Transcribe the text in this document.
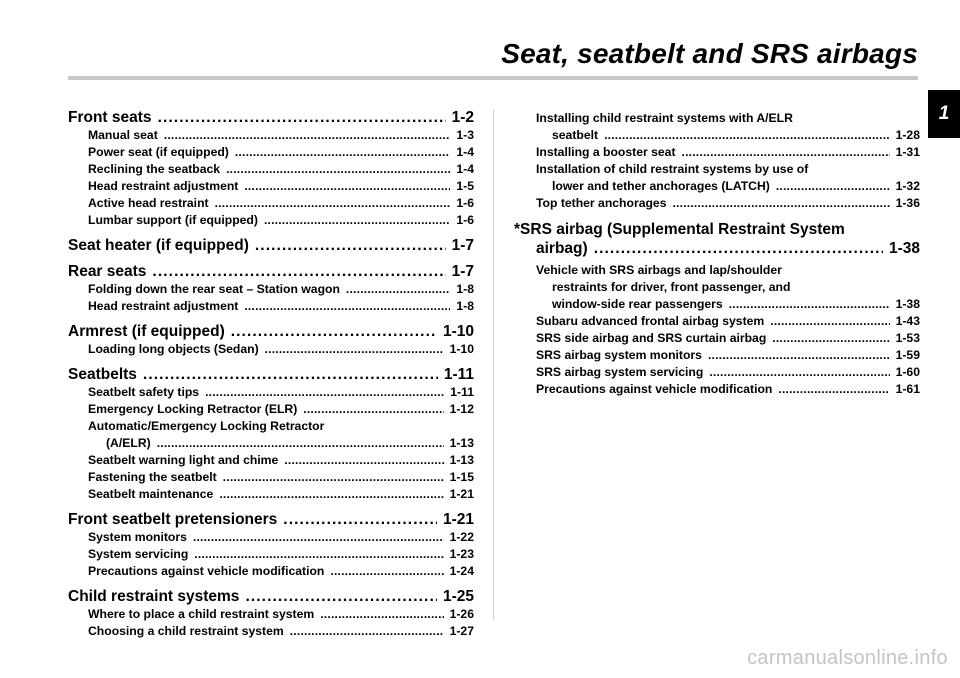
Seat, seatbelt and SRS airbags
1
Front seats . . .	1-2
Manual seat . . .	1-3
Power seat (if equipped) . . .	1-4
Reclining the seatback . . .	1-4
Head restraint adjustment . . .	1-5
Active head restraint . . .	1-6
Lumbar support (if equipped) . . .	1-6
Seat heater (if equipped) . . .	1-7
Rear seats . . .	1-7
Folding down the rear seat – Station wagon . . .	1-8
Head restraint adjustment . . .	1-8
Armrest (if equipped) . . .	1-10
Loading long objects (Sedan) . . .	1-10
Seatbelts . . .	1-11
Seatbelt safety tips . . .	1-11
Emergency Locking Retractor (ELR) . . .	1-12
Automatic/Emergency Locking Retractor
(A/ELR) . . .	1-13
Seatbelt warning light and chime . . .	1-13
Fastening the seatbelt . . .	1-15
Seatbelt maintenance . . .	1-21
Front seatbelt pretensioners . . .	1-21
System monitors . . .	1-22
System servicing . . .	1-23
Precautions against vehicle modification . . .	1-24
Child restraint systems . . .	1-25
Where to place a child restraint system . . .	1-26
Choosing a child restraint system . . .	1-27
Installing child restraint systems with A/ELR
seatbelt . . .	1-28
Installing a booster seat . . .	1-31
Installation of child restraint systems by use of
lower and tether anchorages (LATCH) . . .	1-32
Top tether anchorages . . .	1-36
*SRS airbag (Supplemental Restraint System
airbag) . . .	1-38
Vehicle with SRS airbags and lap/shoulder
restraints for driver, front passenger, and
window-side rear passengers . . .	1-38
Subaru advanced frontal airbag system . . .	1-43
SRS side airbag and SRS curtain airbag . . .	1-53
SRS airbag system monitors . . .	1-59
SRS airbag system servicing . . .	1-60
Precautions against vehicle modification . . .	1-61
carmanualsonline.info
